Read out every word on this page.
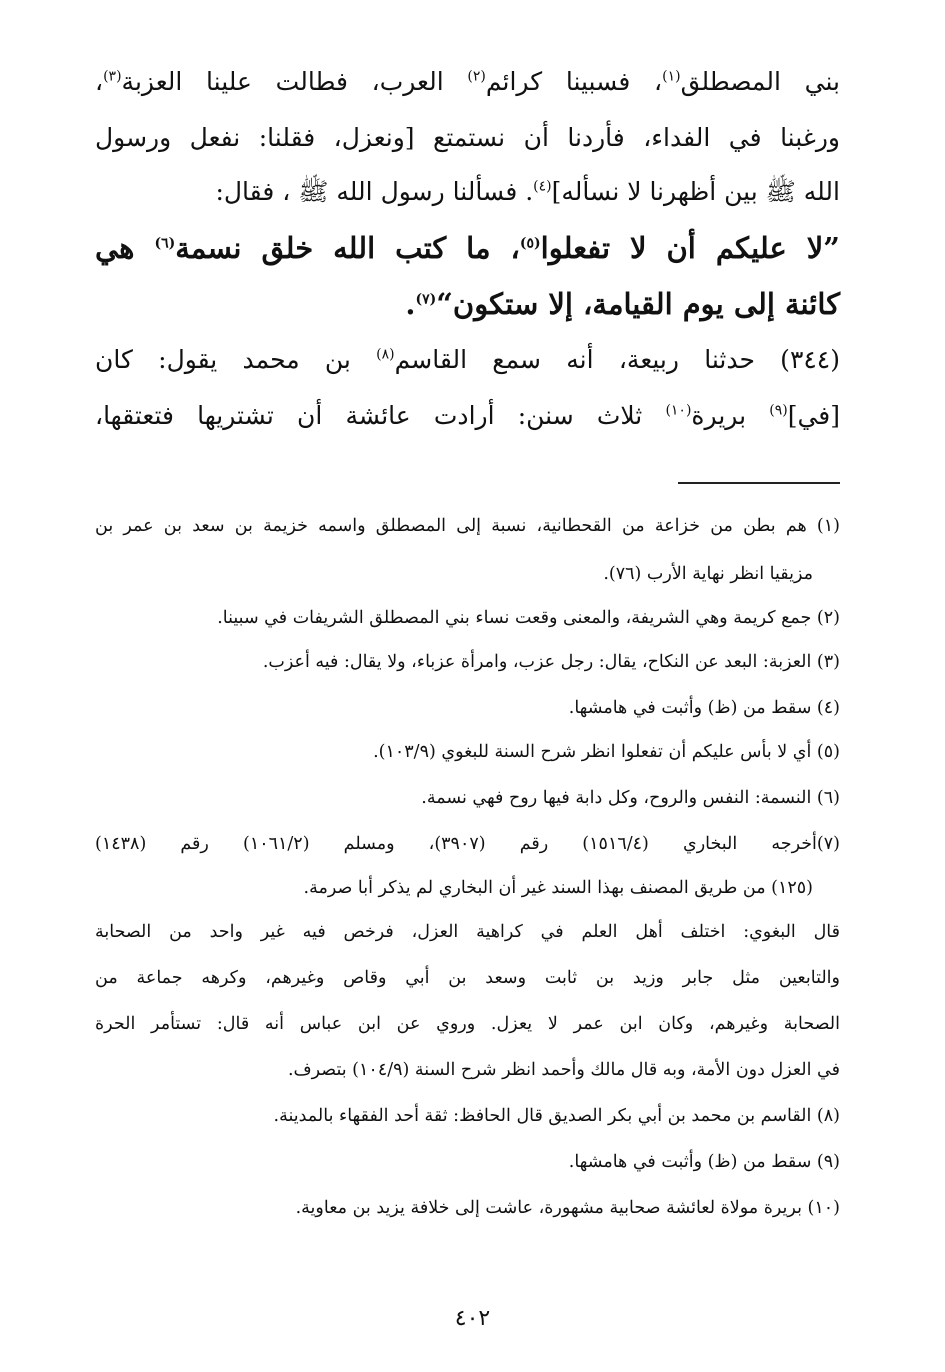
بني المصطلق$^{(١)}$، فسبينا كرائم$^{(٢)}$ العرب، فطالت علينا العزبة$^{(٣)}$،
ورغبنا في الفداء، فأردنا أن نستمتع [ونعزل، فقلنا: نفعل ورسول
الله ﷺ بين أظهرنا لا نسأله]$^{(٤)}$. فسألنا رسول الله ﷺ ، فقال:
”لا عليكم أن لا تفعلوا$^{(٥)}$، ما كتب الله خلق نسمة$^{(٦)}$ هي
كائنة إلى يوم القيامة، إلا ستكون“$^{(٧)}$.
(٣٤٤) حدثنا ربيعة، أنه سمع القاسم$^{(٨)}$ بن محمد يقول: كان
[في]$^{(٩)}$ بريرة$^{(١٠)}$ ثلاث سنن: أرادت عائشة أن تشتريها فتعتقها،
(١) هم بطن من خزاعة من القحطانية، نسبة إلى المصطلق واسمه خزيمة بن سعد بن عمر بن
مزيقيا انظر نهاية الأرب (٧٦).
(٢) جمع كريمة وهي الشريفة، والمعنى وقعت نساء بني المصطلق الشريفات في سبينا.
(٣) العزبة: البعد عن النكاح، يقال: رجل عزب، وامرأة عزباء، ولا يقال: فيه أعزب.
(٤) سقط من (ظ) وأثبت في هامشها.
(٥) أي لا بأس عليكم أن تفعلوا انظر شرح السنة للبغوي (١٠٣/٩).
(٦) النسمة: النفس والروح، وكل دابة فيها روح فهي نسمة.
(٧)أخرجه البخاري (١٥١٦/٤) رقم (٣٩٠٧)، ومسلم (١٠٦١/٢) رقم (١٤٣٨)
(١٢٥) من طريق المصنف بهذا السند غير أن البخاري لم يذكر أبا صرمة.
قال البغوي: اختلف أهل العلم في كراهية العزل، فرخص فيه غير واحد من الصحابة
والتابعين مثل جابر وزيد بن ثابت وسعد بن أبي وقاص وغيرهم، وكرهه جماعة من
الصحابة وغيرهم، وكان ابن عمر لا يعزل. وروي عن ابن عباس أنه قال: تستأمر الحرة
في العزل دون الأمة، وبه قال مالك وأحمد انظر شرح السنة (١٠٤/٩) بتصرف.
(٨) القاسم بن محمد بن أبي بكر الصديق قال الحافظ: ثقة أحد الفقهاء بالمدينة.
(٩) سقط من (ظ) وأثبت في هامشها.
(١٠) بريرة مولاة لعائشة صحابية مشهورة، عاشت إلى خلافة يزيد بن معاوية.
٤٠٢
